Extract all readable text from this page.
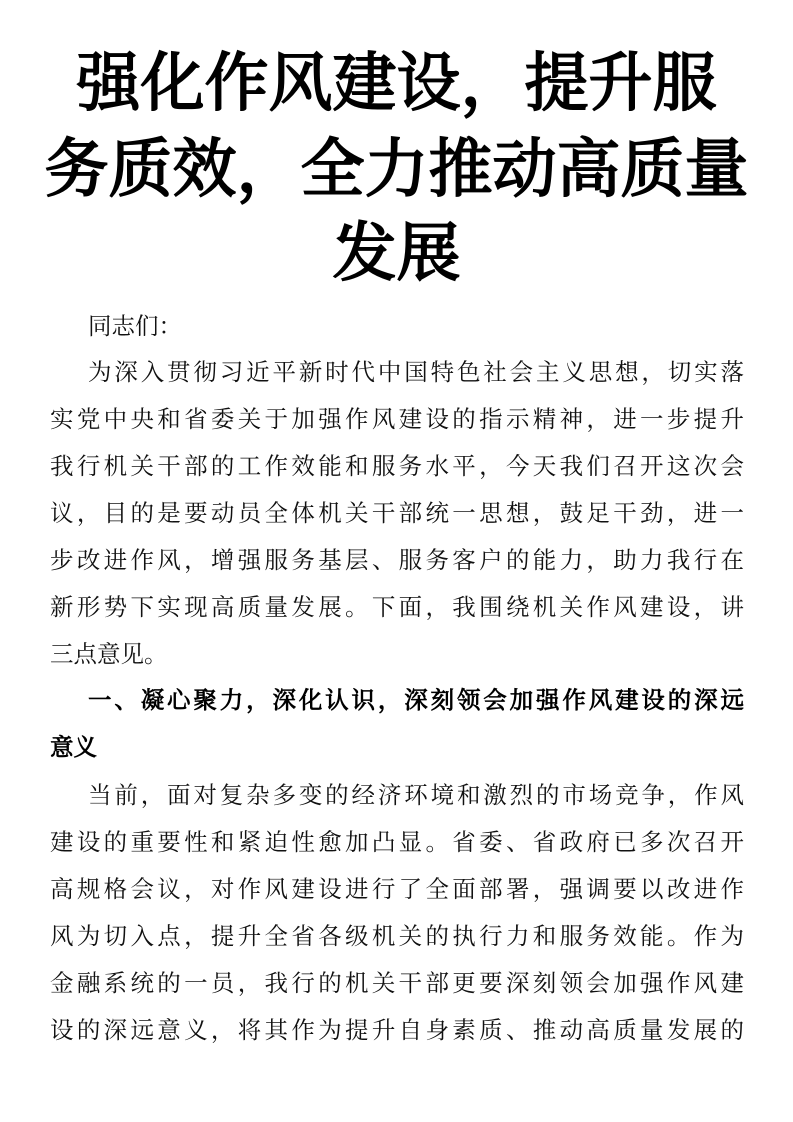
强化作风建设，提升服
务质效，全力推动高质量
发展
同志们：
为深入贯彻习近平新时代中国特色社会主义思想，切实落
实党中央和省委关于加强作风建设的指示精神，进一步提升
我行机关干部的工作效能和服务水平，今天我们召开这次会
议，目的是要动员全体机关干部统一思想，鼓足干劲，进一
步改进作风，增强服务基层、服务客户的能力，助力我行在
新形势下实现高质量发展。下面，我围绕机关作风建设，讲
三点意见。
一、凝心聚力，深化认识，深刻领会加强作风建设的深远
意义
当前，面对复杂多变的经济环境和激烈的市场竞争，作风
建设的重要性和紧迫性愈加凸显。省委、省政府已多次召开
高规格会议，对作风建设进行了全面部署，强调要以改进作
风为切入点，提升全省各级机关的执行力和服务效能。作为
金融系统的一员，我行的机关干部更要深刻领会加强作风建
设的深远意义，将其作为提升自身素质、推动高质量发展的
